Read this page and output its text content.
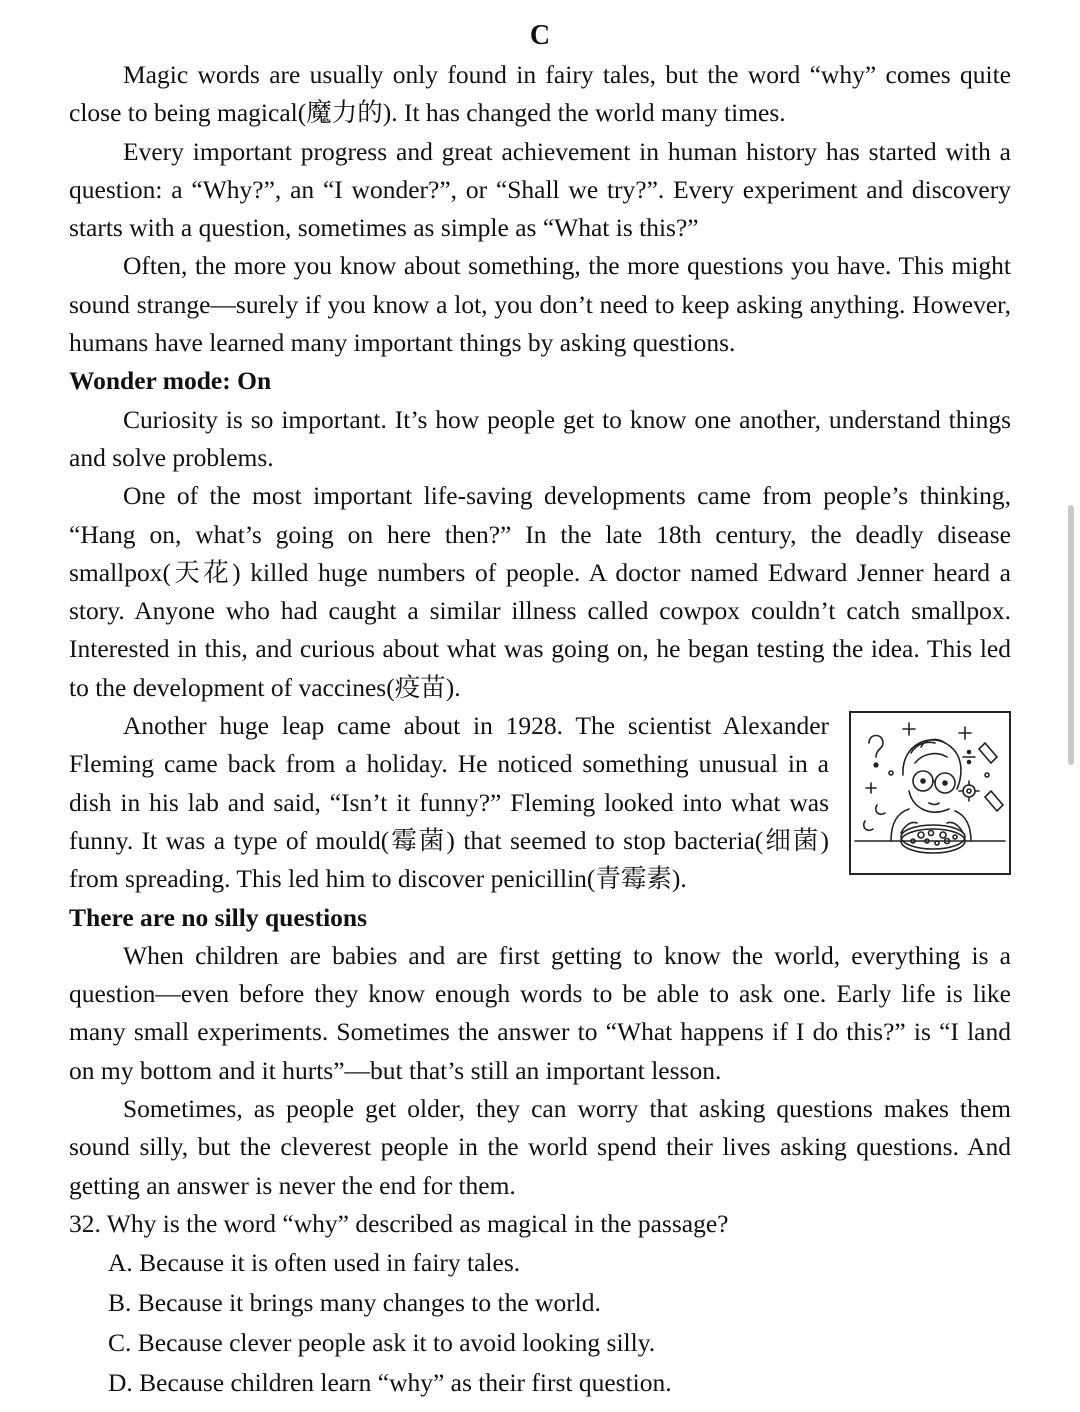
C

Magic words are usually only found in fairy tales, but the word “why” comes quite close to being magical(魔力的). It has changed the world many times.

Every important progress and great achievement in human history has started with a question: a “Why?”, an “I wonder?”, or “Shall we try?”. Every experiment and discovery starts with a question, sometimes as simple as “What is this?”

Often, the more you know about something, the more questions you have. This might sound strange—surely if you know a lot, you don’t need to keep asking anything. However, humans have learned many important things by asking questions.

Wonder mode: On

Curiosity is so important. It’s how people get to know one another, understand things and solve problems.

One of the most important life-saving developments came from people’s thinking, “Hang on, what’s going on here then?” In the late 18th century, the deadly disease smallpox(天花) killed huge numbers of people. A doctor named Edward Jenner heard a story. Anyone who had caught a similar illness called cowpox couldn’t catch smallpox. Interested in this, and curious about what was going on, he began testing the idea. This led to the development of vaccines(疫苗).

Another huge leap came about in 1928. The scientist Alexander Fleming came back from a holiday. He noticed something unusual in a dish in his lab and said, “Isn’t it funny?” Fleming looked into what was funny. It was a type of mould(霉菌) that seemed to stop bacteria(细菌) from spreading. This led him to discover penicillin(青霉素).

There are no silly questions

When children are babies and are first getting to know the world, everything is a question—even before they know enough words to be able to ask one. Early life is like many small experiments. Sometimes the answer to “What happens if I do this?” is “I land on my bottom and it hurts”—but that’s still an important lesson.

Sometimes, as people get older, they can worry that asking questions makes them sound silly, but the cleverest people in the world spend their lives asking questions. And getting an answer is never the end for them.

32. Why is the word “why” described as magical in the passage?

A. Because it is often used in fairy tales.
B. Because it brings many changes to the world.
C. Because clever people ask it to avoid looking silly.
D. Because children learn “why” as their first question.
